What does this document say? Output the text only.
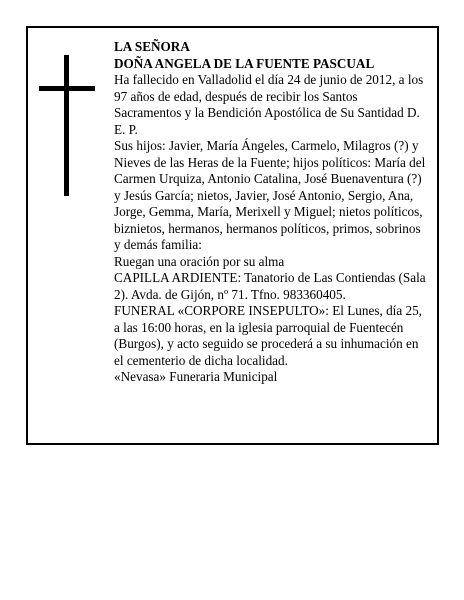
LA SEÑORA

DOÑA ANGELA DE LA FUENTE PASCUAL

Ha fallecido en Valladolid el día 24 de junio de 2012, a los 97 años de edad, después de recibir los Santos Sacramentos y la Bendición Apostólica de Su Santidad D. E. P.

Sus hijos: Javier, María Ángeles, Carmelo, Milagros (?) y Nieves de las Heras de la Fuente; hijos políticos: María del Carmen Urquiza, Antonio Catalina, José Buenaventura (?) y Jesús García; nietos, Javier, José Antonio, Sergio, Ana, Jorge, Gemma, María, Merixell y Miguel; nietos políticos, biznietos, hermanos, hermanos políticos, primos, sobrinos y demás familia:

Ruegan una oración por su alma

CAPILLA ARDIENTE: Tanatorio de Las Contiendas (Sala 2). Avda. de Gijón, nº 71. Tfno. 983360405.

FUNERAL «CORPORE INSEPULTO»: El Lunes, día 25, a las 16:00 horas, en la iglesia parroquial de Fuentecén (Burgos), y acto seguido se procederá a su inhumación en el cementerio de dicha localidad.

«Nevasa» Funeraria Municipal
